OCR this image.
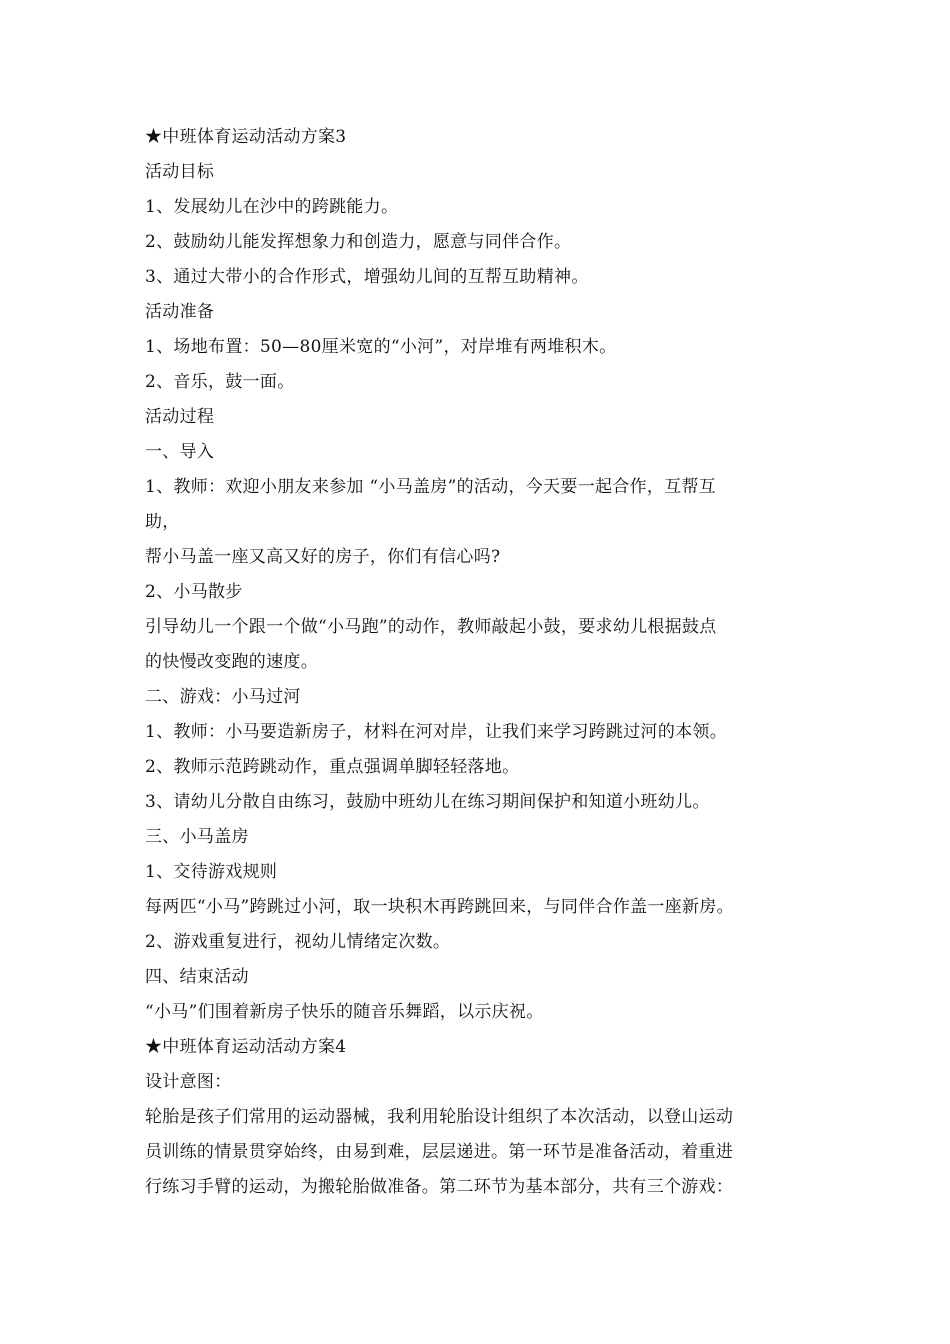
★中班体育运动活动方案3
活动目标
1、发展幼儿在沙中的跨跳能力。
2、鼓励幼儿能发挥想象力和创造力，愿意与同伴合作。
3、通过大带小的合作形式，增强幼儿间的互帮互助精神。
活动准备
1、场地布置：50—80厘米宽的“小河”，对岸堆有两堆积木。
2、音乐，鼓一面。
活动过程
一、导入
1、教师：欢迎小朋友来参加 “小马盖房”的活动，今天要一起合作，互帮互
助，
帮小马盖一座又高又好的房子，你们有信心吗?
2、小马散步
引导幼儿一个跟一个做“小马跑”的动作，教师敲起小鼓，要求幼儿根据鼓点
的快慢改变跑的速度。
二、游戏：小马过河
1、教师：小马要造新房子，材料在河对岸，让我们来学习跨跳过河的本领。
2、教师示范跨跳动作，重点强调单脚轻轻落地。
3、请幼儿分散自由练习，鼓励中班幼儿在练习期间保护和知道小班幼儿。
三、小马盖房
1、交待游戏规则
每两匹“小马”跨跳过小河，取一块积木再跨跳回来，与同伴合作盖一座新房。
2、游戏重复进行，视幼儿情绪定次数。
四、结束活动
“小马”们围着新房子快乐的随音乐舞蹈，以示庆祝。
★中班体育运动活动方案4
设计意图：
轮胎是孩子们常用的运动器械，我利用轮胎设计组织了本次活动，以登山运动
员训练的情景贯穿始终，由易到难，层层递进。第一环节是准备活动，着重进
行练习手臂的运动，为搬轮胎做准备。第二环节为基本部分，共有三个游戏：
